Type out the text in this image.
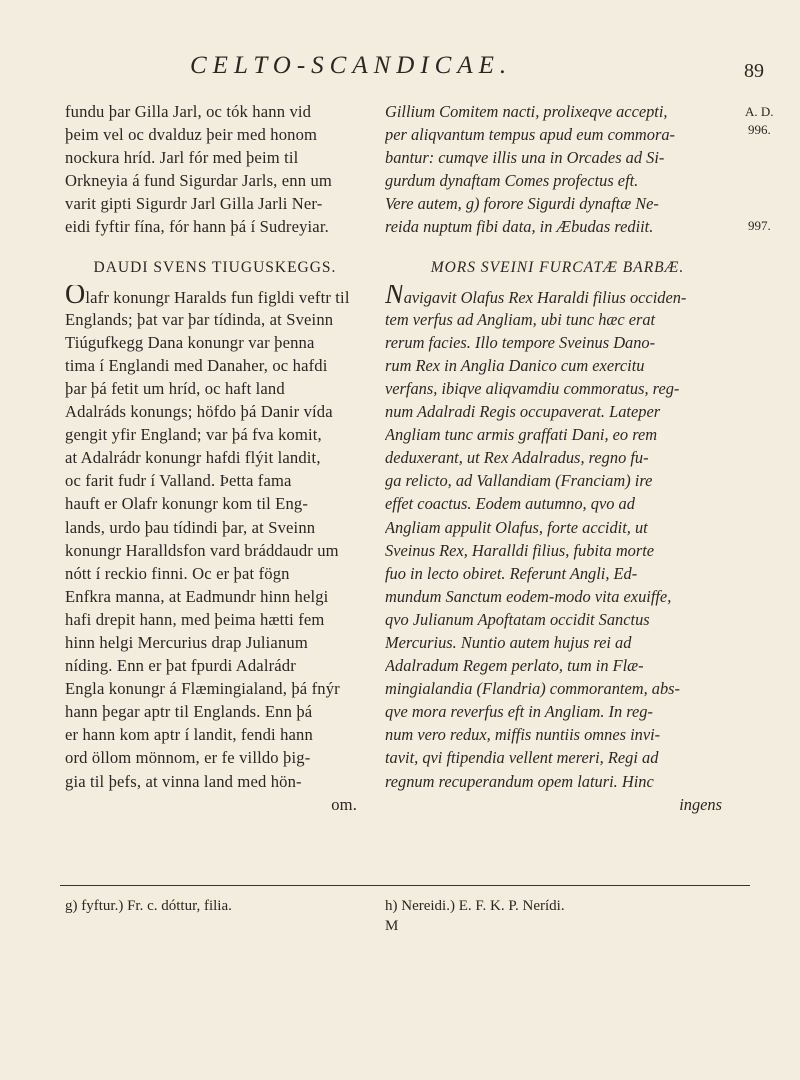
CELTO-SCANDICAE.	89
fundu þar Gilla Jarl, oc tók hann vid
þeim vel oc dvalduz þeir med honom
nockura hríd. Jarl fór med þeim til
Orkneyia á fund Sigurdar Jarls, enn um
varit gipti Sigurdr Jarl Gilla Jarli Ner-
eidi fyftir fína, fór hann þá í Sudreyiar.
DAUDI SVENS TIUGUSKEGGS.
Olafr konungr Haralds fun figldi veftr til
Englands; þat var þar tídinda, at Sveinn
Tiúgufkegg Dana konungr var þenna
tima í Englandi med Danaher, oc hafdi
þar þá fetit um hríd, oc haft land
Adalráds konungs; höfdo þá Danir vída
gengit yfir England; var þá fva komit,
at Adalrádr konungr hafdi flýit landit,
oc farit fudr í Valland. Þetta fama
hauft er Olafr konungr kom til Eng-
lands, urdo þau tídindi þar, at Sveinn
konungr Haralldsfon vard bráddaudr um
nótt í reckio finni. Oc er þat fögn
Enfkra manna, at Eadmundr hinn helgi
hafi drepit hann, med þeima hætti fem
hinn helgi Mercurius drap Julianum
níding. Enn er þat fpurdi Adalrádr
Engla konungr á Flæmingialand, þá fnýr
hann þegar aptr til Englands. Enn þá
er hann kom aptr í landit, fendi hann
ord öllom mönnom, er fe villdo þig-
gia til þefs, at vinna land med hön-
om.
Gillium Comitem nacti, prolixeqve accepti,
per aliqvantum tempus apud eum commora-
bantur: cumqve illis una in Orcades ad Si-
gurdum dynaftam Comes profectus eft.
Vere autem, g) forore Sigurdi dynaftæ Ne-
reida nuptum fibi data, in Æbudas rediit.
MORS SVEINI FURCATÆ BARBÆ.
Navigavit Olafus Rex Haraldi filius occiden-
tem verfus ad Angliam, ubi tunc hæc erat
rerum facies. Illo tempore Sveinus Dano-
rum Rex in Anglia Danico cum exercitu
verfans, ibiqve aliqvamdiu commoratus, reg-
num Adalradi Regis occupaverat. Lateper
Angliam tunc armis graffati Dani, eo rem
deduxerant, ut Rex Adalradus, regno fu-
ga relicto, ad Vallandiam (Franciam) ire
effet coactus. Eodem autumno, qvo ad
Angliam appulit Olafus, forte accidit, ut
Sveinus Rex, Haralldi filius, fubita morte
fuo in lecto obiret. Referunt Angli, Ed-
mundum Sanctum eodem-modo vita exuiffe,
qvo Julianum Apoftatam occidit Sanctus
Mercurius. Nuntio autem hujus rei ad
Adalradum Regem perlato, tum in Flæ-
mingialandia (Flandria) commorantem, abs-
qve mora reverfus eft in Angliam. In reg-
num vero redux, miffis nuntiis omnes invi-
tavit, qvi ftipendia vellent mereri, Regi ad
regnum recuperandum opem laturi. Hinc
ingens
A. D.
996.
997.
g) fyftur.) Fr. c. dóttur, filia.	h) Nereidi.) E. F. K. P. Nerídi.
M
